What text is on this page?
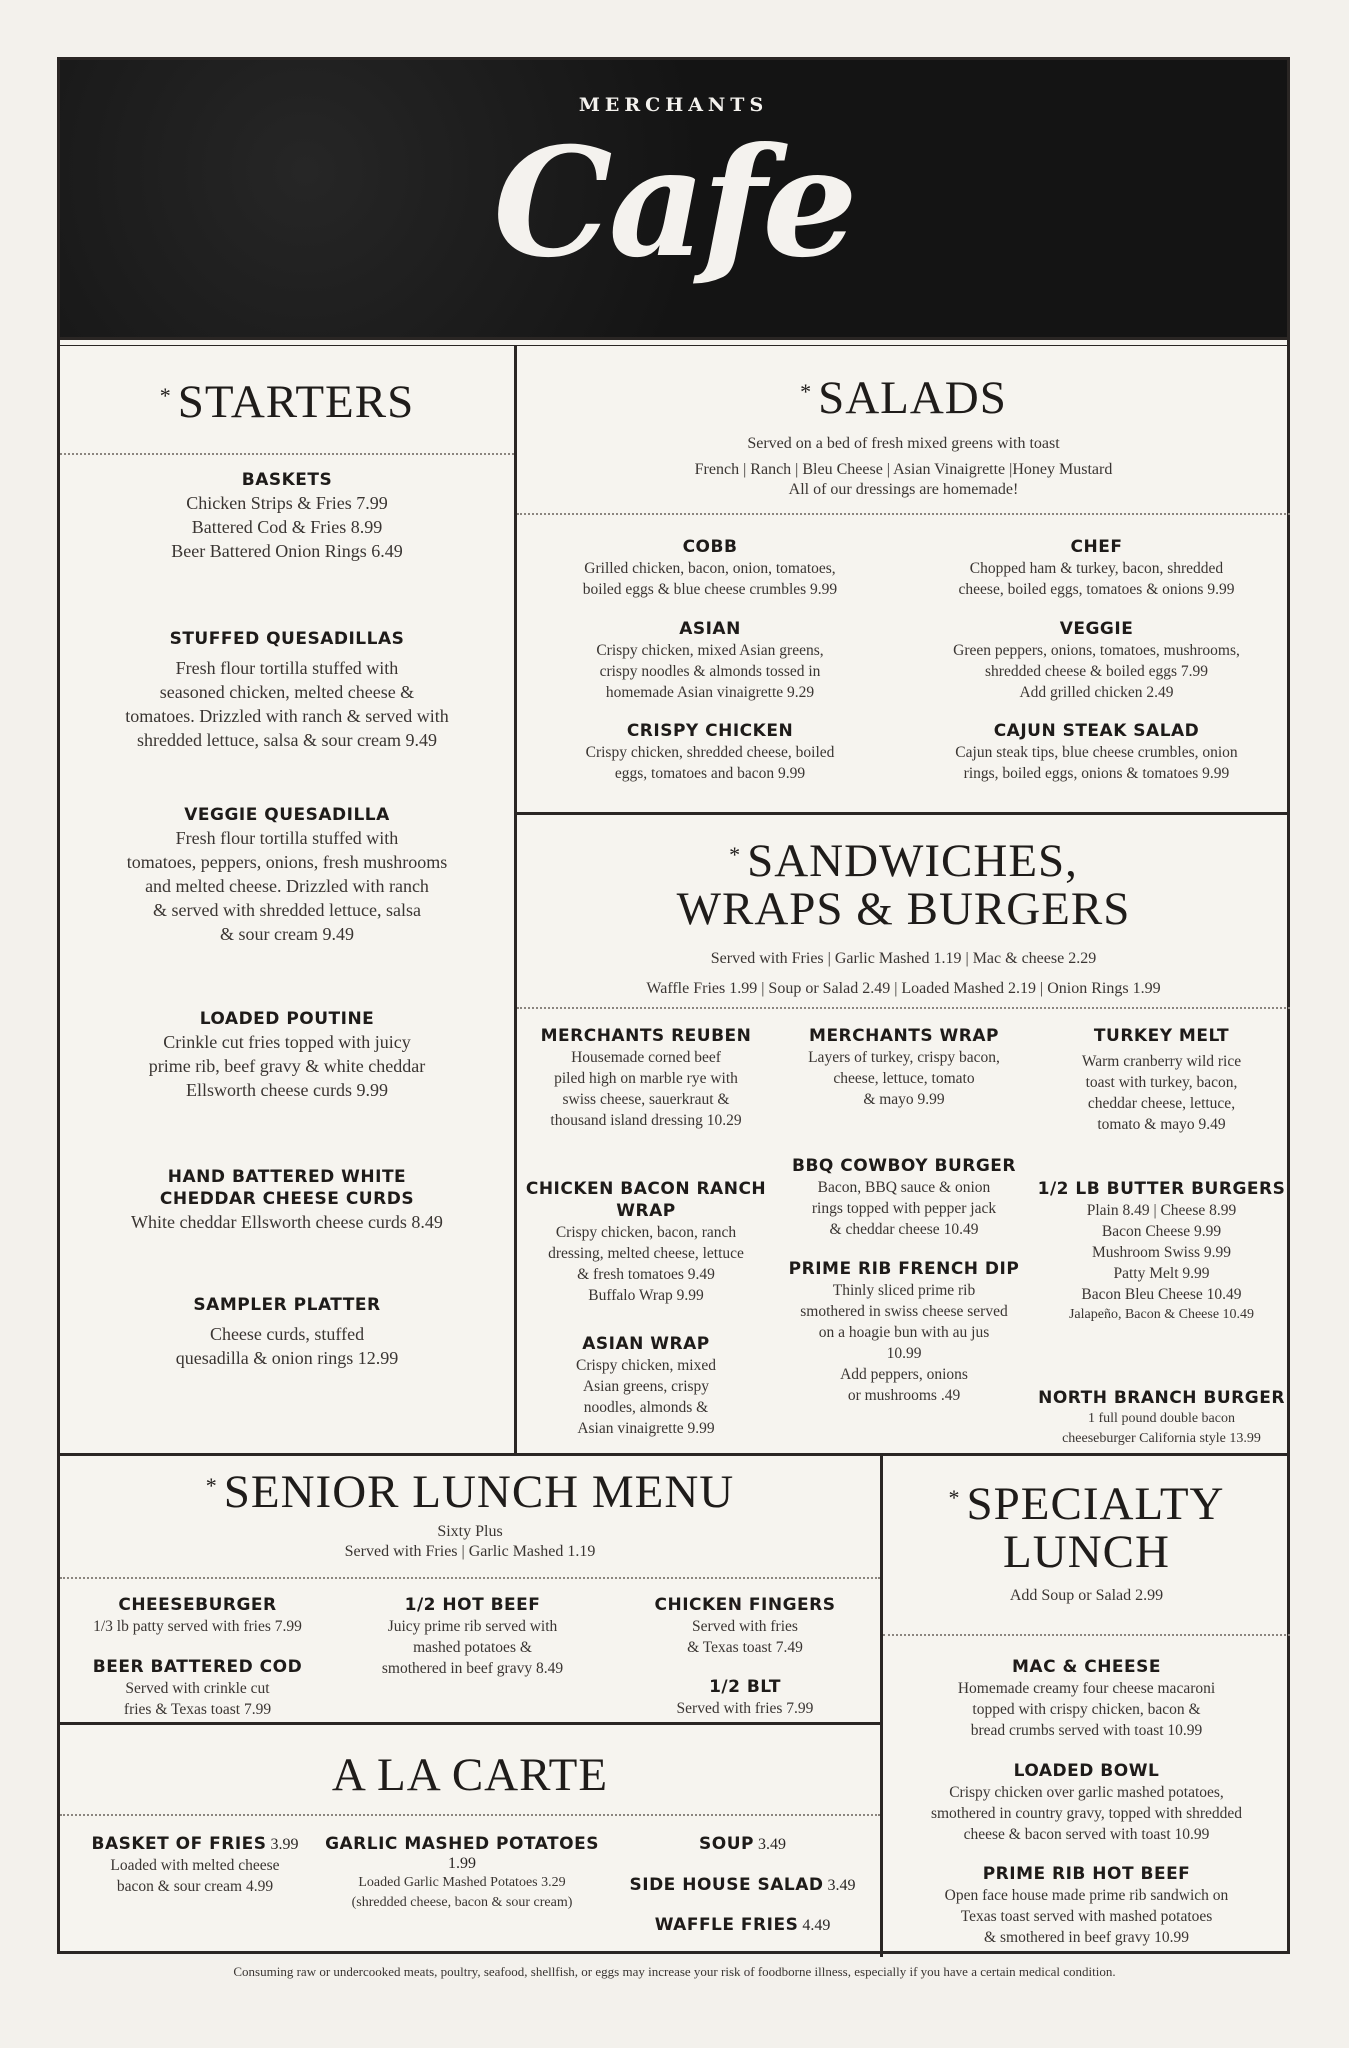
MERCHANTS
Cafe
* STARTERS
BASKETS
Chicken Strips & Fries 7.99
Battered Cod & Fries 8.99
Beer Battered Onion Rings 6.49
STUFFED QUESADILLAS
Fresh flour tortilla stuffed with
seasoned chicken, melted cheese &
tomatoes. Drizzled with ranch & served with
shredded lettuce, salsa & sour cream 9.49
VEGGIE QUESADILLA
Fresh flour tortilla stuffed with
tomatoes, peppers, onions, fresh mushrooms
and melted cheese. Drizzled with ranch
& served with shredded lettuce, salsa
& sour cream 9.49
LOADED POUTINE
Crinkle cut fries topped with juicy
prime rib, beef gravy & white cheddar
Ellsworth cheese curds 9.99
HAND BATTERED WHITE
CHEDDAR CHEESE CURDS
White cheddar Ellsworth cheese curds 8.49
SAMPLER PLATTER
Cheese curds, stuffed
quesadilla & onion rings 12.99
* SALADS
Served on a bed of fresh mixed greens with toast
French | Ranch | Bleu Cheese | Asian Vinaigrette |Honey Mustard
All of our dressings are homemade!
COBB
Grilled chicken, bacon, onion, tomatoes,
boiled eggs & blue cheese crumbles 9.99
CHEF
Chopped ham & turkey, bacon, shredded
cheese, boiled eggs, tomatoes & onions 9.99
ASIAN
Crispy chicken, mixed Asian greens,
crispy noodles & almonds tossed in
homemade Asian vinaigrette 9.29
VEGGIE
Green peppers, onions, tomatoes, mushrooms,
shredded cheese & boiled eggs 7.99
Add grilled chicken 2.49
CRISPY CHICKEN
Crispy chicken, shredded cheese, boiled
eggs, tomatoes and bacon 9.99
CAJUN STEAK SALAD
Cajun steak tips, blue cheese crumbles, onion
rings, boiled eggs, onions & tomatoes 9.99
* SANDWICHES,
WRAPS & BURGERS
Served with Fries | Garlic Mashed 1.19 | Mac & cheese 2.29
Waffle Fries 1.99 | Soup or Salad 2.49 | Loaded Mashed 2.19 | Onion Rings 1.99
MERCHANTS REUBEN
Housemade corned beef
piled high on marble rye with
swiss cheese, sauerkraut &
thousand island dressing 10.29
CHICKEN BACON RANCH WRAP
Crispy chicken, bacon, ranch
dressing, melted cheese, lettuce
& fresh tomatoes 9.49
Buffalo Wrap 9.99
ASIAN WRAP
Crispy chicken, mixed
Asian greens, crispy
noodles, almonds &
Asian vinaigrette 9.99
MERCHANTS WRAP
Layers of turkey, crispy bacon,
cheese, lettuce, tomato
& mayo 9.99
BBQ COWBOY BURGER
Bacon, BBQ sauce & onion
rings topped with pepper jack
& cheddar cheese 10.49
PRIME RIB FRENCH DIP
Thinly sliced prime rib
smothered in swiss cheese served
on a hoagie bun with au jus
10.99
Add peppers, onions
or mushrooms .49
TURKEY MELT
Warm cranberry wild rice
toast with turkey, bacon,
cheddar cheese, lettuce,
tomato & mayo 9.49
1/2 LB BUTTER BURGERS
Plain 8.49 | Cheese 8.99
Bacon Cheese 9.99
Mushroom Swiss 9.99
Patty Melt 9.99
Bacon Bleu Cheese 10.49
Jalapeño, Bacon & Cheese 10.49
NORTH BRANCH BURGER
1 full pound double bacon
cheeseburger California style 13.99
* SENIOR LUNCH MENU
Sixty Plus
Served with Fries | Garlic Mashed 1.19
CHEESEBURGER
1/3 lb patty served with fries 7.99
BEER BATTERED COD
Served with crinkle cut
fries & Texas toast 7.99
1/2 HOT BEEF
Juicy prime rib served with
mashed potatoes &
smothered in beef gravy 8.49
CHICKEN FINGERS
Served with fries
& Texas toast 7.49
1/2 BLT
Served with fries 7.99
A LA CARTE
BASKET OF FRIES 3.99
Loaded with melted cheese
bacon & sour cream 4.99
GARLIC MASHED POTATOES 1.99
Loaded Garlic Mashed Potatoes 3.29
(shredded cheese, bacon & sour cream)
SOUP 3.49
SIDE HOUSE SALAD 3.49
WAFFLE FRIES 4.49
* SPECIALTY
LUNCH
Add Soup or Salad 2.99
MAC & CHEESE
Homemade creamy four cheese macaroni
topped with crispy chicken, bacon &
bread crumbs served with toast 10.99
LOADED BOWL
Crispy chicken over garlic mashed potatoes,
smothered in country gravy, topped with shredded
cheese & bacon served with toast 10.99
PRIME RIB HOT BEEF
Open face house made prime rib sandwich on
Texas toast served with mashed potatoes
& smothered in beef gravy 10.99
Consuming raw or undercooked meats, poultry, seafood, shellfish, or eggs may increase your risk of foodborne illness, especially if you have a certain medical condition.
